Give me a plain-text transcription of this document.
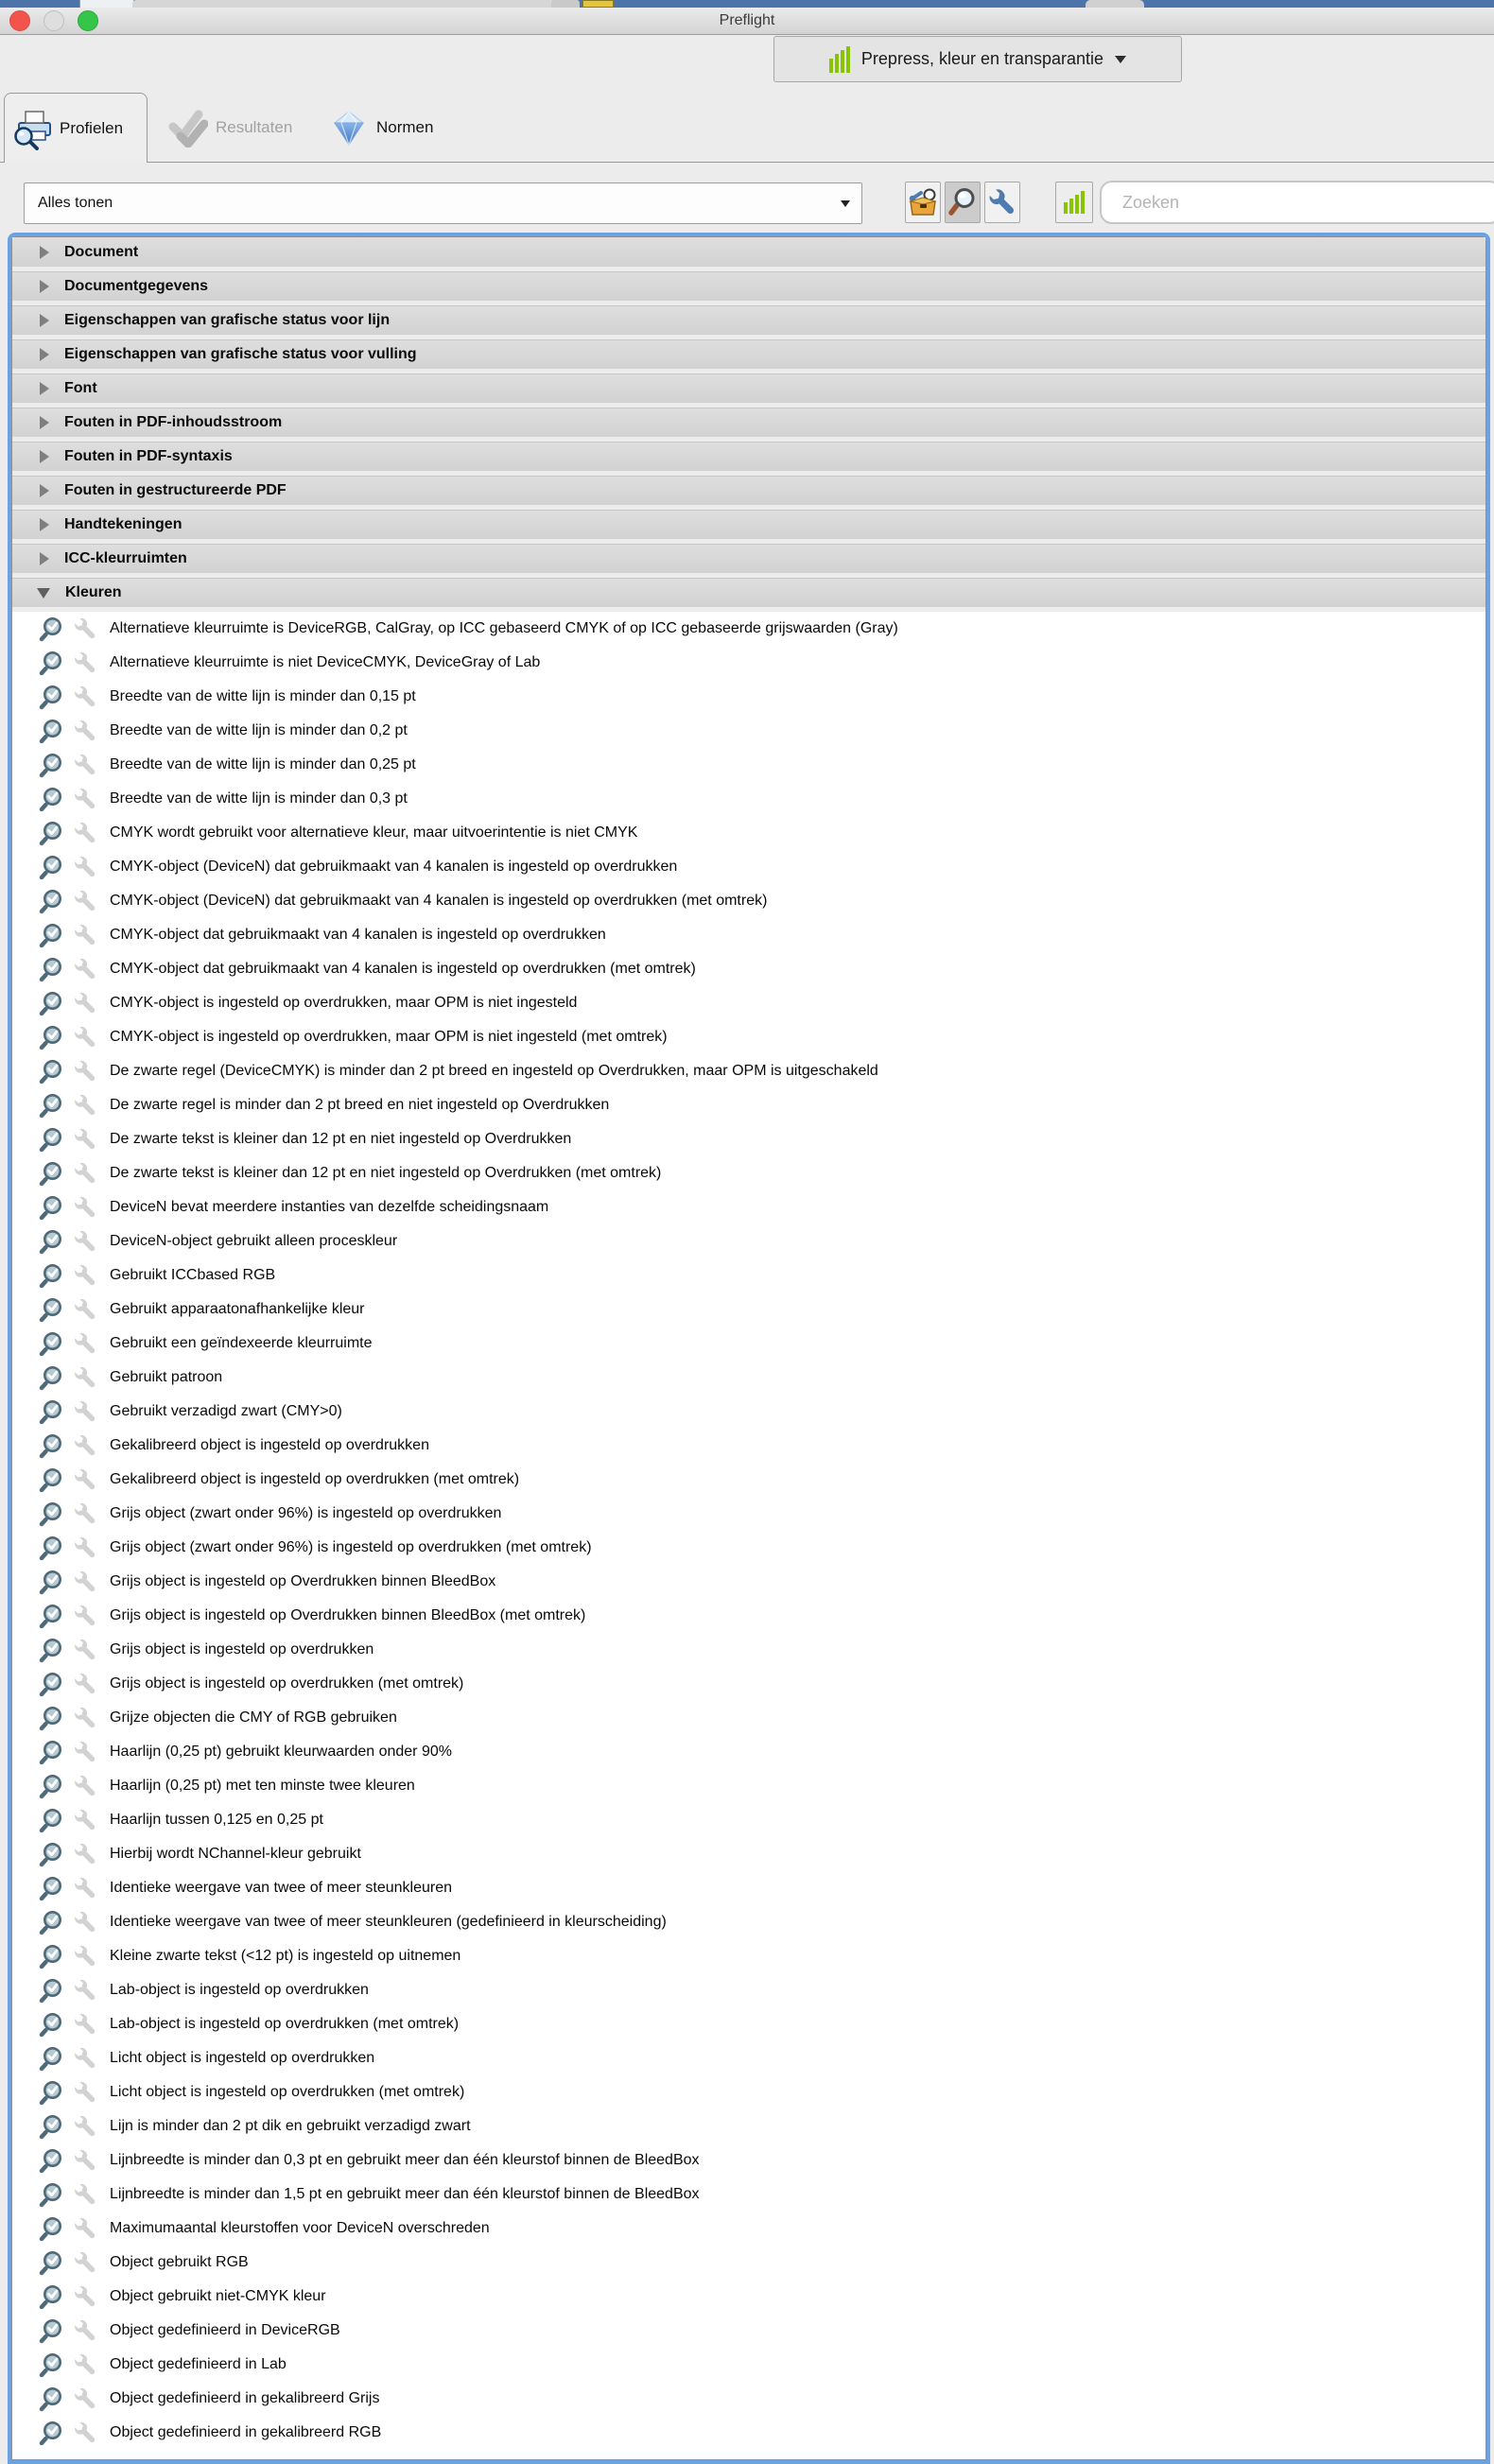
Preflight
Prepress, kleur en transparantie
Profielen	Resultaten	Normen
Alles tonen
Zoeken
Document
Documentgegevens
Eigenschappen van grafische status voor lijn
Eigenschappen van grafische status voor vulling
Font
Fouten in PDF-inhoudsstroom
Fouten in PDF-syntaxis
Fouten in gestructureerde PDF
Handtekeningen
ICC-kleurruimten
Kleuren
Alternatieve kleurruimte is DeviceRGB, CalGray, op ICC gebaseerd CMYK of op ICC gebaseerde grijswaarden (Gray)
Alternatieve kleurruimte is niet DeviceCMYK, DeviceGray of Lab
Breedte van de witte lijn is minder dan 0,15 pt
Breedte van de witte lijn is minder dan 0,2 pt
Breedte van de witte lijn is minder dan 0,25 pt
Breedte van de witte lijn is minder dan 0,3 pt
CMYK wordt gebruikt voor alternatieve kleur, maar uitvoerintentie is niet CMYK
CMYK-object (DeviceN) dat gebruikmaakt van 4 kanalen is ingesteld op overdrukken
CMYK-object (DeviceN) dat gebruikmaakt van 4 kanalen is ingesteld op overdrukken (met omtrek)
CMYK-object dat gebruikmaakt van 4 kanalen is ingesteld op overdrukken
CMYK-object dat gebruikmaakt van 4 kanalen is ingesteld op overdrukken (met omtrek)
CMYK-object is ingesteld op overdrukken, maar OPM is niet ingesteld
CMYK-object is ingesteld op overdrukken, maar OPM is niet ingesteld (met omtrek)
De zwarte regel (DeviceCMYK) is minder dan 2 pt breed en ingesteld op Overdrukken, maar OPM is uitgeschakeld
De zwarte regel is minder dan 2 pt breed en niet ingesteld op Overdrukken
De zwarte tekst is kleiner dan 12 pt en niet ingesteld op Overdrukken
De zwarte tekst is kleiner dan 12 pt en niet ingesteld op Overdrukken (met omtrek)
DeviceN bevat meerdere instanties van dezelfde scheidingsnaam
DeviceN-object gebruikt alleen proceskleur
Gebruikt ICCbased RGB
Gebruikt apparaatonafhankelijke kleur
Gebruikt een geïndexeerde kleurruimte
Gebruikt patroon
Gebruikt verzadigd zwart (CMY>0)
Gekalibreerd object is ingesteld op overdrukken
Gekalibreerd object is ingesteld op overdrukken (met omtrek)
Grijs object (zwart onder 96%) is ingesteld op overdrukken
Grijs object (zwart onder 96%) is ingesteld op overdrukken (met omtrek)
Grijs object is ingesteld op Overdrukken binnen BleedBox
Grijs object is ingesteld op Overdrukken binnen BleedBox (met omtrek)
Grijs object is ingesteld op overdrukken
Grijs object is ingesteld op overdrukken (met omtrek)
Grijze objecten die CMY of RGB gebruiken
Haarlijn (0,25 pt) gebruikt kleurwaarden onder 90%
Haarlijn (0,25 pt) met ten minste twee kleuren
Haarlijn tussen 0,125 en 0,25 pt
Hierbij wordt NChannel-kleur gebruikt
Identieke weergave van twee of meer steunkleuren
Identieke weergave van twee of meer steunkleuren (gedefinieerd in kleurscheiding)
Kleine zwarte tekst (<12 pt) is ingesteld op uitnemen
Lab-object is ingesteld op overdrukken
Lab-object is ingesteld op overdrukken (met omtrek)
Licht object is ingesteld op overdrukken
Licht object is ingesteld op overdrukken (met omtrek)
Lijn is minder dan 2 pt dik en gebruikt verzadigd zwart
Lijnbreedte is minder dan 0,3 pt en gebruikt meer dan één kleurstof binnen de BleedBox
Lijnbreedte is minder dan 1,5 pt en gebruikt meer dan één kleurstof binnen de BleedBox
Maximumaantal kleurstoffen voor DeviceN overschreden
Object gebruikt RGB
Object gebruikt niet-CMYK kleur
Object gedefinieerd in DeviceRGB
Object gedefinieerd in Lab
Object gedefinieerd in gekalibreerd Grijs
Object gedefinieerd in gekalibreerd RGB
